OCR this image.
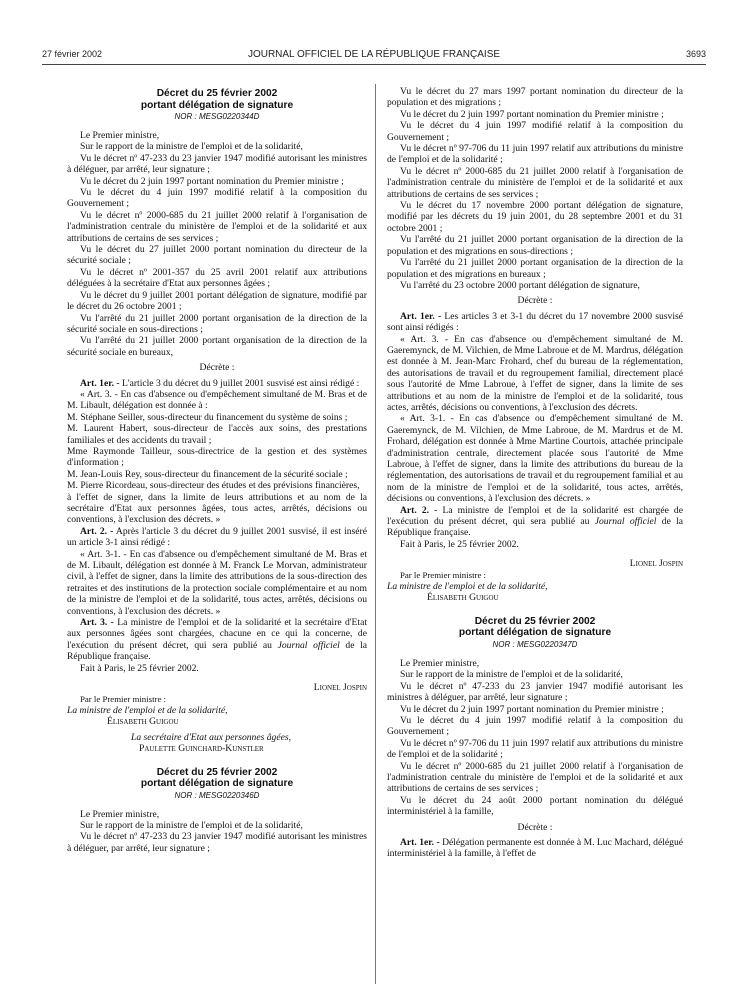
27 février 2002	JOURNAL OFFICIEL DE LA RÉPUBLIQUE FRANÇAISE	3693

Décret du 25 février 2002

portant délégation de signature

NOR : MESG0220344D

Le Premier ministre,

Sur le rapport de la ministre de l'emploi et de la solidarité,

Vu le décret nº 47-233 du 23 janvier 1947 modifié autorisant les ministres à déléguer, par arrêté, leur signature ;

Vu le décret du 2 juin 1997 portant nomination du Premier ministre ;

Vu le décret du 4 juin 1997 modifié relatif à la composition du Gouvernement ;

Vu le décret nº 2000-685 du 21 juillet 2000 relatif à l'organisation de l'administration centrale du ministère de l'emploi et de la solidarité et aux attributions de certains de ses services ;

Vu le décret du 27 juillet 2000 portant nomination du directeur de la sécurité sociale ;

Vu le décret nº 2001-357 du 25 avril 2001 relatif aux attributions déléguées à la secrétaire d'Etat aux personnes âgées ;

Vu le décret du 9 juillet 2001 portant délégation de signature, modifié par le décret du 26 octobre 2001 ;

Vu l'arrêté du 21 juillet 2000 portant organisation de la direction de la sécurité sociale en sous-directions ;

Vu l'arrêté du 21 juillet 2000 portant organisation de la direction de la sécurité sociale en bureaux,

Décrète :

Art. 1er. - L'article 3 du décret du 9 juillet 2001 susvisé est ainsi rédigé :

« Art. 3. - En cas d'absence ou d'empêchement simultané de M. Bras et de M. Libault, délégation est donnée à :

M. Stéphane Seiller, sous-directeur du financement du système de soins ;

M. Laurent Habert, sous-directeur de l'accès aux soins, des prestations familiales et des accidents du travail ;

Mme Raymonde Tailleur, sous-directrice de la gestion et des systèmes d'information ;

M. Jean-Louis Rey, sous-directeur du financement de la sécurité sociale ;

M. Pierre Ricordeau, sous-directeur des études et des prévisions financières,

à l'effet de signer, dans la limite de leurs attributions et au nom de la secrétaire d'Etat aux personnes âgées, tous actes, arrêtés, décisions ou conventions, à l'exclusion des décrets. »

Art. 2. - Après l'article 3 du décret du 9 juillet 2001 susvisé, il est inséré un article 3-1 ainsi rédigé :

« Art. 3-1. - En cas d'absence ou d'empêchement simultané de M. Bras et de M. Libault, délégation est donnée à M. Franck Le Morvan, administrateur civil, à l'effet de signer, dans la limite des attributions de la sous-direction des retraites et des institutions de la protection sociale complémentaire et au nom de la ministre de l'emploi et de la solidarité, tous actes, arrêtés, décisions ou conventions, à l'exclusion des décrets. »

Art. 3. - La ministre de l'emploi et de la solidarité et la secrétaire d'Etat aux personnes âgées sont chargées, chacune en ce qui la concerne, de l'exécution du présent décret, qui sera publié au Journal officiel de la République française.

Fait à Paris, le 25 février 2002.

Lionel Jospin

Par le Premier ministre :

La ministre de l'emploi et de la solidarité,

Élisabeth Guigou

La secrétaire d'Etat aux personnes âgées,

Paulette Guinchard-Kunstler

Décret du 25 février 2002

portant délégation de signature

NOR : MESG0220346D

Le Premier ministre,

Sur le rapport de la ministre de l'emploi et de la solidarité,

Vu le décret nº 47-233 du 23 janvier 1947 modifié autorisant les ministres à déléguer, par arrêté, leur signature ;

Vu le décret du 27 mars 1997 portant nomination du directeur de la population et des migrations ;

Vu le décret du 2 juin 1997 portant nomination du Premier ministre ;

Vu le décret du 4 juin 1997 modifié relatif à la composition du Gouvernement ;

Vu le décret nº 97-706 du 11 juin 1997 relatif aux attributions du ministre de l'emploi et de la solidarité ;

Vu le décret nº 2000-685 du 21 juillet 2000 relatif à l'organisation de l'administration centrale du ministère de l'emploi et de la solidarité et aux attributions de certains de ses services ;

Vu le décret du 17 novembre 2000 portant délégation de signature, modifié par les décrets du 19 juin 2001, du 28 septembre 2001 et du 31 octobre 2001 ;

Vu l'arrêté du 21 juillet 2000 portant organisation de la direction de la population et des migrations en sous-directions ;

Vu l'arrêté du 21 juillet 2000 portant organisation de la direction de la population et des migrations en bureaux ;

Vu l'arrêté du 23 octobre 2000 portant délégation de signature,

Décrète :

Art. 1er. - Les articles 3 et 3-1 du décret du 17 novembre 2000 susvisé sont ainsi rédigés :

« Art. 3. - En cas d'absence ou d'empêchement simultané de M. Gaeremynck, de M. Vilchien, de Mme Labroue et de M. Mardrus, délégation est donnée à M. Jean-Marc Frohard, chef du bureau de la réglementation, des autorisations de travail et du regroupement familial, directement placé sous l'autorité de Mme Labroue, à l'effet de signer, dans la limite de ses attributions et au nom de la ministre de l'emploi et de la solidarité, tous actes, arrêtés, décisions ou conventions, à l'exclusion des décrets.

« Art. 3-1. - En cas d'absence ou d'empêchement simultané de M. Gaeremynck, de M. Vilchien, de Mme Labroue, de M. Mardrus et de M. Frohard, délégation est donnée à Mme Martine Courtois, attachée principale d'administration centrale, directement placée sous l'autorité de Mme Labroue, à l'effet de signer, dans la limite des attributions du bureau de la réglementation, des autorisations de travail et du regroupement familial et au nom de la ministre de l'emploi et de la solidarité, tous actes, arrêtés, décisions ou conventions, à l'exclusion des décrets. »

Art. 2. - La ministre de l'emploi et de la solidarité est chargée de l'exécution du présent décret, qui sera publié au Journal officiel de la République française.

Fait à Paris, le 25 février 2002.

Lionel Jospin

Par le Premier ministre :

La ministre de l'emploi et de la solidarité,

Élisabeth Guigou

Décret du 25 février 2002

portant délégation de signature

NOR : MESG0220347D

Le Premier ministre,

Sur le rapport de la ministre de l'emploi et de la solidarité,

Vu le décret nº 47-233 du 23 janvier 1947 modifié autorisant les ministres à déléguer, par arrêté, leur signature ;

Vu le décret du 2 juin 1997 portant nomination du Premier ministre ;

Vu le décret du 4 juin 1997 modifié relatif à la composition du Gouvernement ;

Vu le décret nº 97-706 du 11 juin 1997 relatif aux attributions du ministre de l'emploi et de la solidarité ;

Vu le décret nº 2000-685 du 21 juillet 2000 relatif à l'organisation de l'administration centrale du ministère de l'emploi et de la solidarité et aux attributions de certains de ses services ;

Vu le décret du 24 août 2000 portant nomination du délégué interministériel à la famille,

Décrète :

Art. 1er. - Délégation permanente est donnée à M. Luc Machard, délégué interministériel à la famille, à l'effet de
